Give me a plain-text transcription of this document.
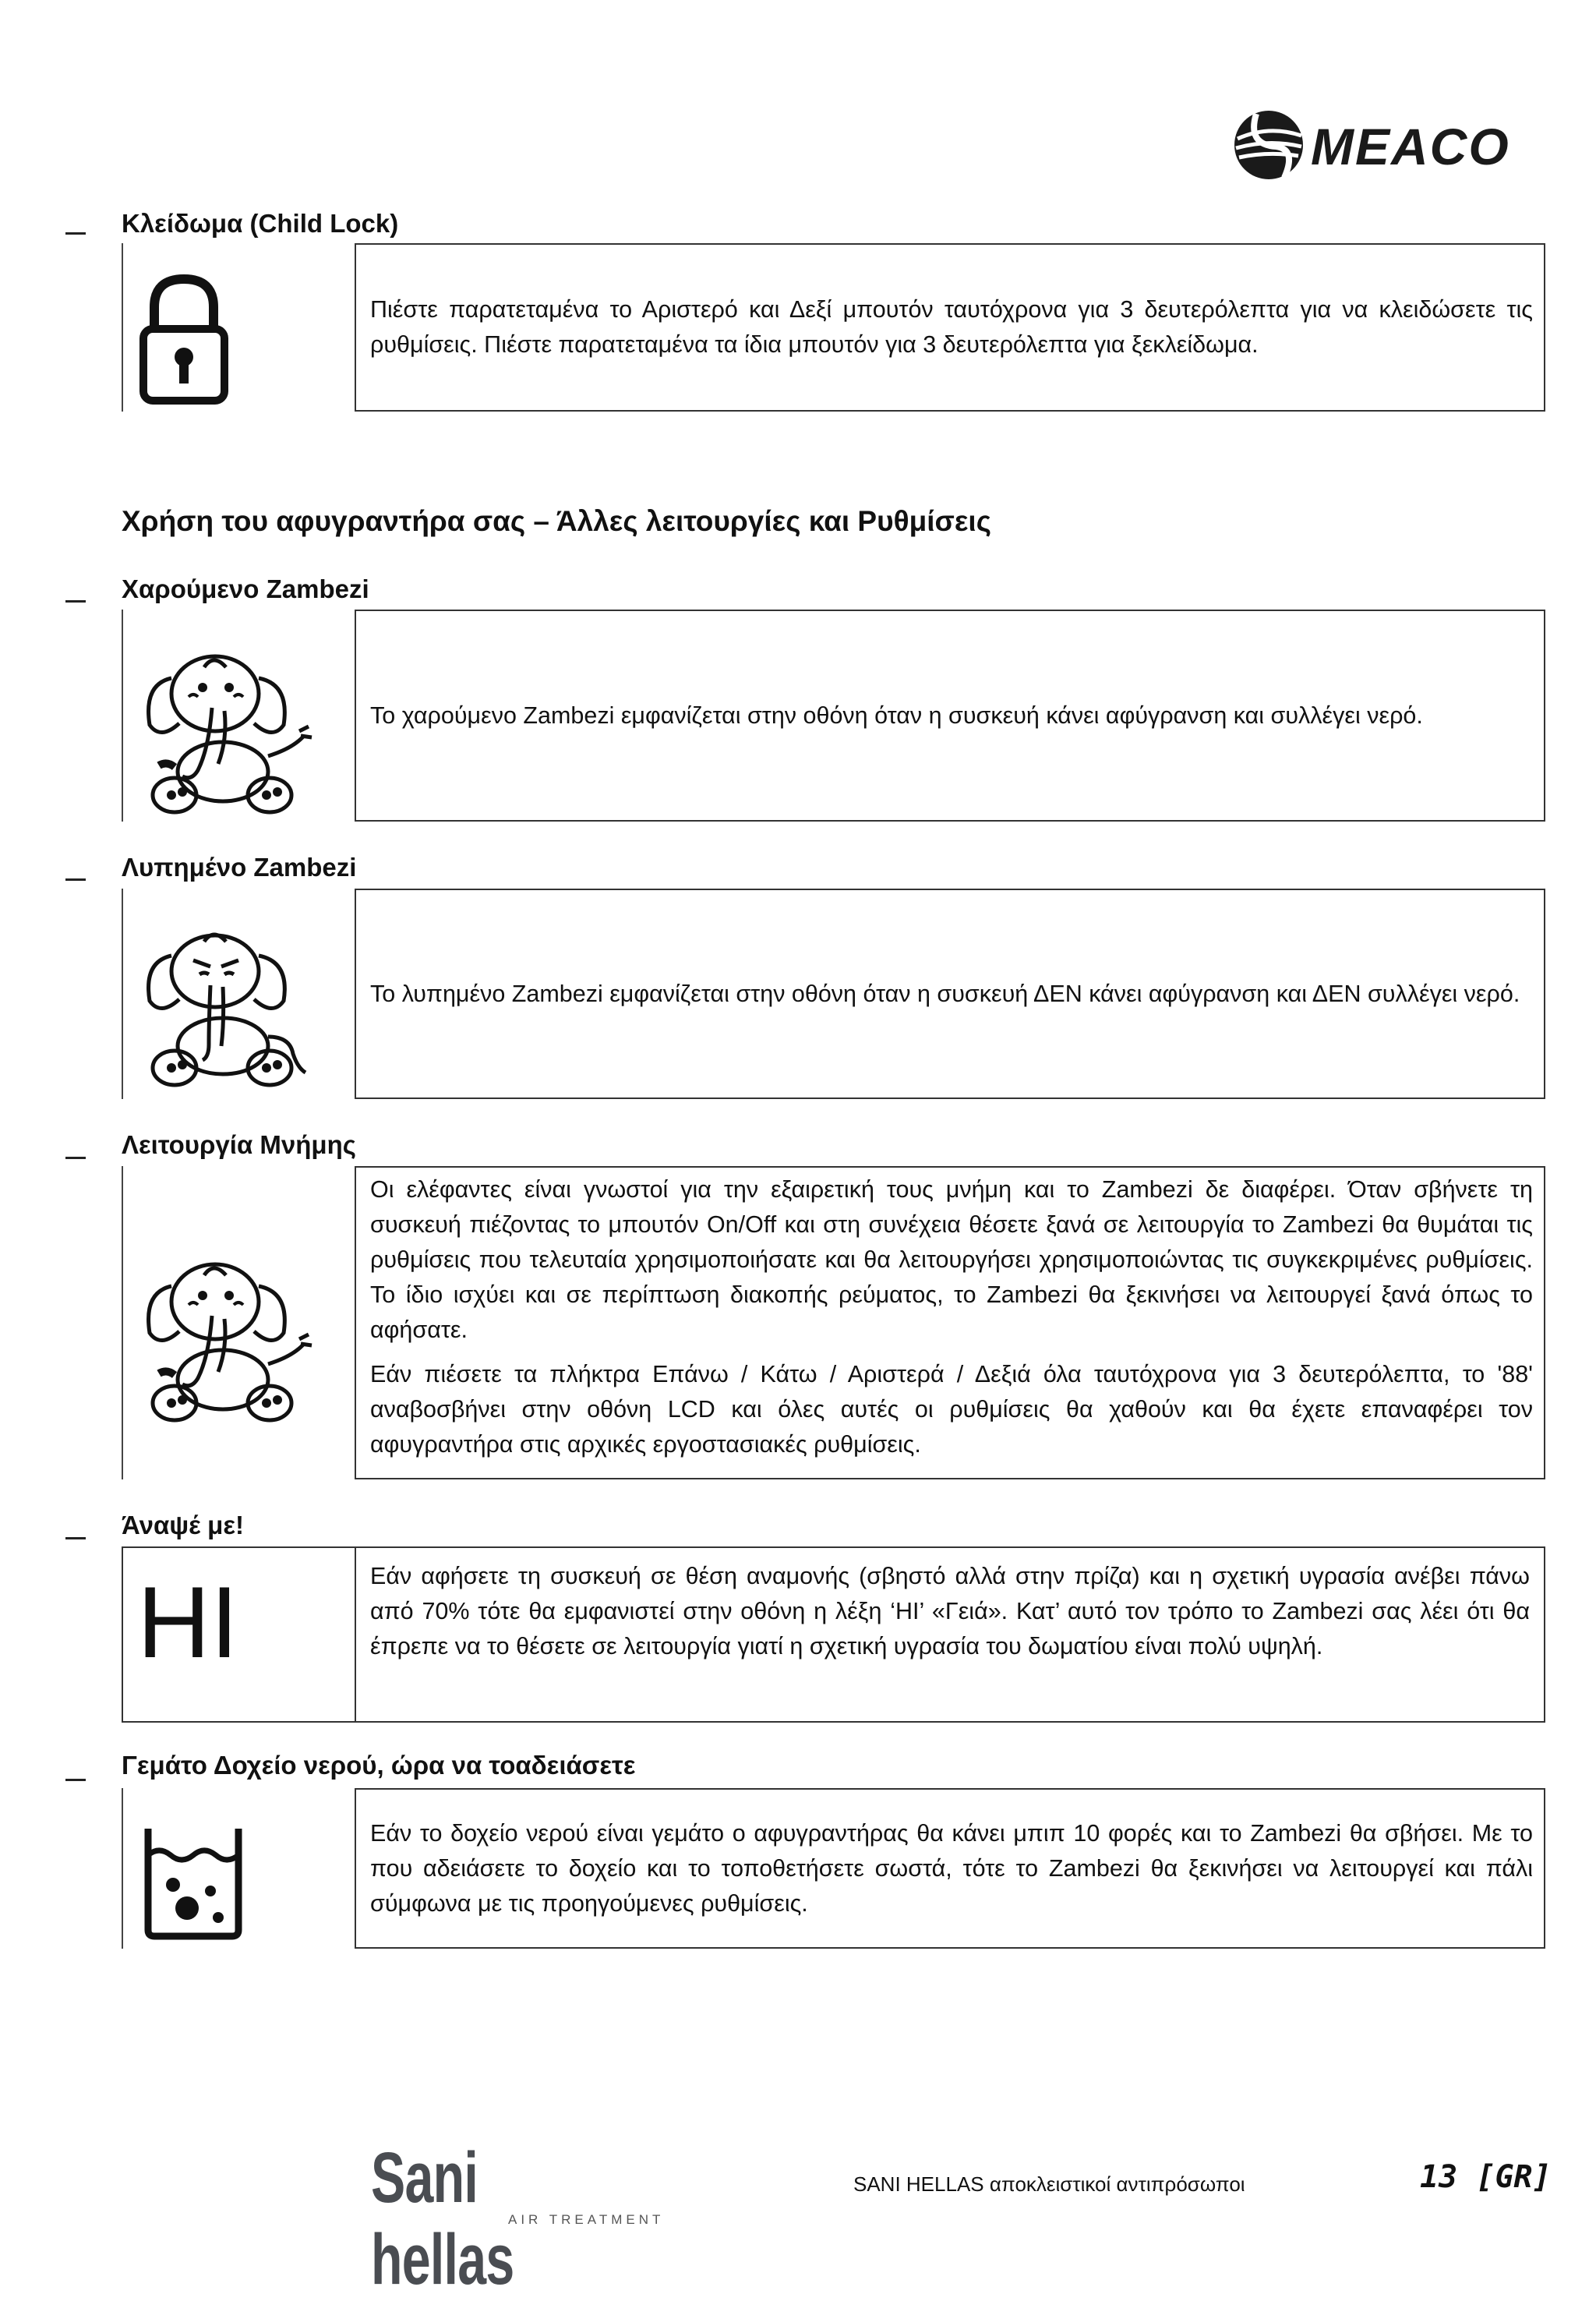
MEACO
Κλείδωμα (Child Lock)

Πιέστε παρατεταμένα το Αριστερό και Δεξί μπουτόν ταυτόχρονα για 3 δευτερόλεπτα για να κλειδώσετε τις ρυθμίσεις. Πιέστε παρατεταμένα τα ίδια μπουτόν για 3 δευτερόλεπτα για ξεκλείδωμα.

Χρήση του αφυγραντήρα σας – Άλλες λειτουργίες και Ρυθμίσεις
Χαρούμενο Zambezi

Το χαρούμενο Zambezi εμφανίζεται στην οθόνη όταν η συσκευή κάνει αφύγρανση και συλλέγει νερό.

Λυπημένο Zambezi

Το λυπημένο Zambezi εμφανίζεται στην οθόνη όταν η συσκευή ΔΕΝ κάνει αφύγρανση και ΔΕΝ συλλέγει νερό.

Λειτουργία Μνήμης

Οι ελέφαντες είναι γνωστοί για την εξαιρετική τους μνήμη και το Zambezi δε διαφέρει. Όταν σβήνετε τη συσκευή πιέζοντας το μπουτόν On/Off και στη συνέχεια θέσετε ξανά σε λειτουργία το Zambezi θα θυμάται τις ρυθμίσεις που τελευταία χρησιμοποιήσατε και θα λειτουργήσει χρησιμοποιώντας τις συγκεκριμένες ρυθμίσεις. Το ίδιο ισχύει και σε περίπτωση διακοπής ρεύματος, το Zambezi θα ξεκινήσει να λειτουργεί ξανά όπως το αφήσατε.

Εάν πιέσετε τα πλήκτρα Επάνω / Κάτω / Αριστερά / Δεξιά όλα ταυτόχρονα για 3 δευτερόλεπτα, το '88' αναβοσβήνει στην οθόνη LCD και όλες αυτές οι ρυθμίσεις θα χαθούν και θα έχετε επαναφέρει τον αφυγραντήρα στις αρχικές εργοστασιακές ρυθμίσεις.

Άναψέ με!
HI	Εάν αφήσετε τη συσκευή σε θέση αναμονής (σβηστό αλλά στην πρίζα) και η σχετική υγρασία ανέβει πάνω από 70% τότε θα εμφανιστεί στην οθόνη η λέξη ‘HI’ «Γειά». Κατ’ αυτό τον τρόπο το Zambezi σας λέει ότι θα έπρεπε να το θέσετε σε λειτουργία γιατί η σχετική υγρασία του δωματίου είναι πολύ υψηλή.
Γεμάτο Δοχείο νερού, ώρα να τοαδειάσετε

Εάν το δοχείο νερού είναι γεμάτο ο αφυγραντήρας θα κάνει μπιπ 10 φορές και το Zambezi θα σβήσει. Με το που αδειάσετε το δοχείο και το τοποθετήσετε σωστά, τότε το Zambezi θα ξεκινήσει να λειτουργεί και πάλι σύμφωνα με τις προηγούμενες ρυθμίσεις.

Sani hellas
AIR TREATMENT
SANI HELLAS αποκλειστικοί αντιπρόσωποι	13 [GR]
